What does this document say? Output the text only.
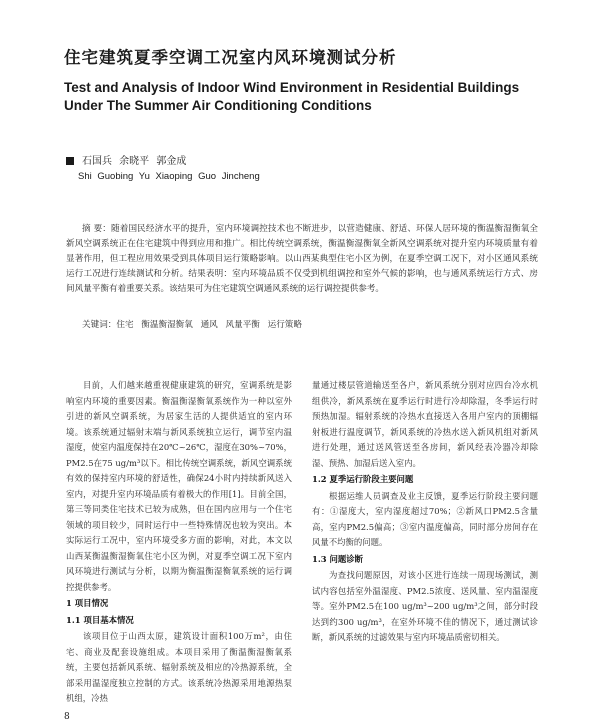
住宅建筑夏季空调工况室内风环境测试分析
Test and Analysis of Indoor Wind Environment in Residential Buildings Under The Summer Air Conditioning Conditions
石国兵 余晓平 郭金成
Shi Guobing Yu Xiaoping Guo Jincheng
摘 要：随着国民经济水平的提升，室内环境调控技术也不断进步，以营造健康、舒适、环保人居环境的衡温衡湿衡氧全新风空调系统正在住宅建筑中得到应用和推广。相比传统空调系统，衡温衡湿衡氧全新风空调系统对提升室内环境质量有着显著作用，但工程应用效果受到具体项目运行策略影响。以山西某典型住宅小区为例，在夏季空调工况下，对小区通风系统运行工况进行连续测试和分析。结果表明：室内环境品质不仅受到机组调控和室外气候的影响，也与通风系统运行方式、房间风量平衡有着重要关系。该结果可为住宅建筑空调通风系统的运行调控提供参考。
关键词：住宅 衡温衡湿衡氧 通风 风量平衡 运行策略

目前，人们越来越重视健康建筑的研究，室调系统是影响室内环境的重要因素。衡温衡湿衡氧系统作为一种以室外引进的新风空调系统，为居家生活的人提供适宜的室内环境。该系统通过辐射末端与新风系统独立运行，调节室内温湿度，使室内温度保持在20℃~26℃，湿度在30%~70%，PM2.5在75 ug/m³以下。相比传统空调系统，新风空调系统有效的保持室内环境的舒适性，确保24小时内持续新风送入室内，对提升室内环境品质有着极大的作用[1]。目前全国，第三等同类住宅技术已较为成熟，但在国内应用与一个住宅领域的项目较少，同时运行中一些特殊情况也较为突出。本实际运行工况中，室内环境受多方面的影响，对此，本文以山西某衡温衡湿衡氧住宅小区为例，对夏季空调工况下室内风环境进行测试与分析，以期为衡温衡湿衡氧系统的运行调控提供参考。

1 项目情况

1.1 项目基本情况

该项目位于山西太原，建筑设计面积100万m²，由住宅、商业及配套设施组成。本项目采用了衡温衡湿衡氧系统，主要包括新风系统、辐射系统及相应的冷热源系统，全部采用温湿度独立控制的方式。该系统冷热源采用地源热泵机组，冷热

量通过楼层管道输送至各户，新风系统分别对应四台冷水机组供冷，新风系统在夏季运行时进行冷却除湿，冬季运行时预热加湿。辐射系统的冷热水直接送入各用户室内的顶棚辐射板进行温度调节，新风系统的冷热水送入新风机组对新风进行处理，通过送风管送至各房间，新风经表冷器冷却除湿、预热、加湿后送入室内。

1.2 夏季运行阶段主要问题

根据运维人员调查及业主反馈，夏季运行阶段主要问题有：①湿度大，室内湿度超过70%；②新风口PM2.5含量高，室内PM2.5偏高；③室内温度偏高，同时部分房间存在风量不均衡的问题。

1.3 问题诊断

为查找问题原因，对该小区进行连续一周现场测试，测试内容包括室外温湿度、PM2.5浓度、送风量、室内温湿度等。室外PM2.5在100 ug/m³~200 ug/m³之间，部分时段达到约300 ug/m³，在室外环境不佳的情况下，通过测试诊断，新风系统的过滤效果与室内环境品质密切相关。

8
